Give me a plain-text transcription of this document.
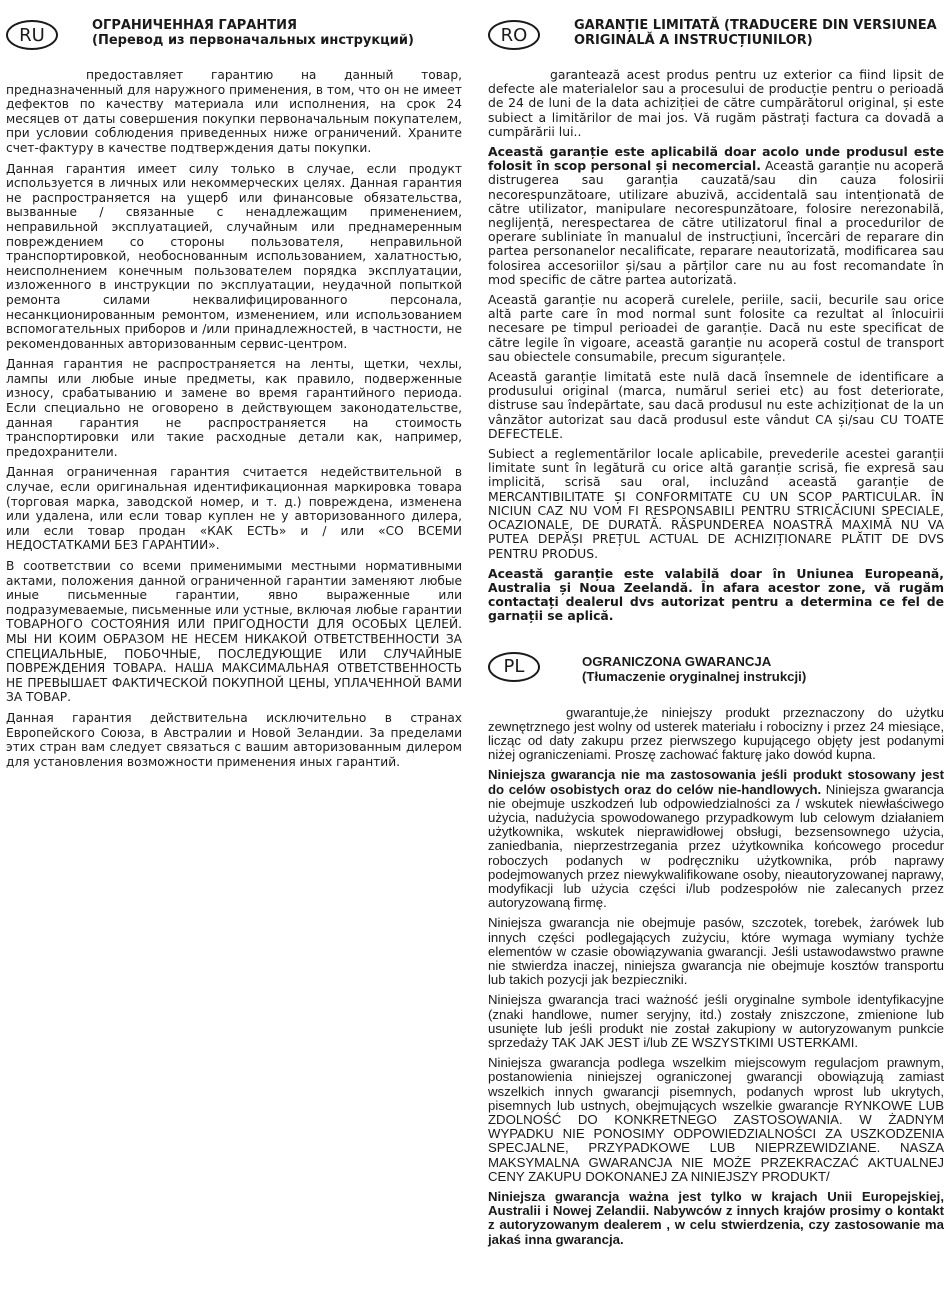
RU	ОГРАНИЧЕННАЯ ГАРАНТИЯ

(Перевод из первоначальных инструкций)

предоставляет гарантию на данный товар, предназначенный для наружного применения, в том, что он не имеет дефектов по качеству материала или исполнения, на срок 24 месяцев от даты совершения покупки первоначальным покупателем, при условии соблюдения приведенных ниже ограничений. Храните счет-фактуру в качестве подтверждения даты покупки.

Данная гарантия имеет силу только в случае, если продукт используется в личных или некоммерческих целях. Данная гарантия не распространяется на ущерб или финансовые обязательства, вызванные / связанные с ненадлежащим применением, неправильной эксплуатацией, случайным или преднамеренным повреждением со стороны пользователя, неправильной транспортировкой, необоснованным использованием, халатностью, неисполнением конечным пользователем порядка эксплуатации, изложенного в инструкции по эксплуатации, неудачной попыткой ремонта силами неквалифицированного персонала, несанкционированным ремонтом, изменением, или использованием вспомогательных приборов и /или принадлежностей, в частности, не рекомендованных авторизованным сервис-центром.

Данная гарантия не распространяется на ленты, щетки, чехлы, лампы или любые иные предметы, как правило, подверженные износу, срабатыванию и замене во время гарантийного периода. Если специально не оговорено в действующем законодательстве, данная гарантия не распространяется на стоимость транспортировки или такие расходные детали как, например, предохранители.

Данная ограниченная гарантия считается недействительной в случае, если оригинальная идентификационная маркировка товара (торговая марка, заводской номер, и т. д.) повреждена, изменена или удалена, или если товар куплен не у авторизованного дилера, или если товар продан «КАК ЕСТЬ» и / или «СО ВСЕМИ НЕДОСТАТКАМИ БЕЗ ГАРАНТИИ».

В соответствии со всеми применимыми местными нормативными актами, положения данной ограниченной гарантии заменяют любые иные письменные гарантии, явно выраженные или подразумеваемые, письменные или устные, включая любые гарантии ТОВАРНОГО СОСТОЯНИЯ ИЛИ ПРИГОДНОСТИ ДЛЯ ОСОБЫХ ЦЕЛЕЙ. МЫ НИ КОИМ ОБРАЗОМ НЕ НЕСЕМ НИКАКОЙ ОТВЕТСТВЕННОСТИ ЗА СПЕЦИАЛЬНЫЕ, ПОБОЧНЫЕ, ПОСЛЕДУЮЩИЕ ИЛИ СЛУЧАЙНЫЕ ПОВРЕЖДЕНИЯ ТОВАРА. НАША МАКСИМАЛЬНАЯ ОТВЕТСТВЕННОСТЬ НЕ ПРЕВЫШАЕТ ФАКТИЧЕСКОЙ ПОКУПНОЙ ЦЕНЫ, УПЛАЧЕННОЙ ВАМИ ЗА ТОВАР.

Данная гарантия действительна исключительно в странах Европейского Союза, в Австралии и Новой Зеландии. За пределами этих стран вам следует связаться с вашим авторизованным дилером для установления возможности применения иных гарантий.

RO	GARANȚIE LIMITATĂ (TRADUCERE DIN VERSIUNEA

ORIGINALĂ A INSTRUCȚIUNILOR)

garantează acest produs pentru uz exterior ca fiind lipsit de defecte ale materialelor sau a procesului de producție pentru o perioadă de 24 de luni de la data achiziției de către cumpărătorul original, și este subiect a limitărilor de mai jos. Vă rugăm păstrați factura ca dovadă a cumpărării lui..

Această garanție este aplicabilă doar acolo unde produsul este folosit în scop personal și necomercial. Această garanție nu acoperă distrugerea sau garanția cauzată/sau din cauza folosirii necorespunzătoare, utilizare abuzivă, accidentală sau intenționată de către utilizator, manipulare necorespunzătoare, folosire nerezonabilă, neglijență, nerespectarea de către utilizatorul final a procedurilor de operare subliniate în manualul de instrucțiuni, încercări de reparare din partea personanelor necalificate, reparare neautorizată, modificarea sau folosirea accesoriilor și/sau a părților care nu au fost recomandate în mod specific de către partea autorizată.

Această garanție nu acoperă curelele, periile, sacii, becurile sau orice altă parte care în mod normal sunt folosite ca rezultat al înlocuirii necesare pe timpul perioadei de garanție. Dacă nu este specificat de către legile în vigoare, această garanție nu acoperă costul de transport sau obiectele consumabile, precum siguranțele.

Această garanție limitată este nulă dacă însemnele de identificare a produsului original (marca, numărul seriei etc) au fost deteriorate, distruse sau îndepărtate, sau dacă produsul nu este achiziționat de la un vânzător autorizat sau dacă produsul este vândut CA și/sau CU TOATE DEFECTELE.

Subiect a reglementărilor locale aplicabile, prevederile acestei garanții limitate sunt în legătură cu orice altă garanție scrisă, fie expresă sau implicită, scrisă sau oral, incluzând această garanție de MERCANTIBILITATE ȘI CONFORMITATE CU UN SCOP PARTICULAR. ÎN NICIUN CAZ NU VOM FI RESPONSABILI PENTRU STRICĂCIUNI SPECIALE, OCAZIONALE, DE DURATĂ. RĂSPUNDEREA NOASTRĂ MAXIMĂ NU VA PUTEA DEPĂȘI PREȚUL ACTUAL DE ACHIZIȚIONARE PLĂTIT DE DVS PENTRU PRODUS.

Această garanție este valabilă doar în Uniunea Europeană, Australia și Noua Zeelandă. În afara acestor zone, vă rugăm contactați dealerul dvs autorizat pentru a determina ce fel de garnații se aplică.

PL	OGRANICZONA GWARANCJA

(Tłumaczenie oryginalnej instrukcji)

gwarantuje,że niniejszy produkt przeznaczony do użytku zewnętrznego jest wolny od usterek materiału i robocizny i przez 24 miesiące, licząc od daty zakupu przez pierwszego kupującego objęty jest podanymi niżej ograniczeniami. Proszę zachować fakturę jako dowód kupna.

Niniejsza gwarancja nie ma zastosowania jeśli produkt stosowany jest do celów osobistych oraz do celów nie-handlowych. Niniejsza gwarancja nie obejmuje uszkodzeń lub odpowiedzialności za / wskutek niewłaściwego użycia, nadużycia spowodowanego przypadkowym lub celowym działaniem użytkownika, wskutek nieprawidłowej obsługi, bezsensownego użycia, zaniedbania, nieprzestrzegania przez użytkownika końcowego procedur roboczych podanych w podręczniku użytkownika, prób naprawy podejmowanych przez niewykwalifikowane osoby, nieautoryzowanej naprawy, modyfikacji lub użycia części i/lub podzespołów nie zalecanych przez autoryzowaną firmę.

Niniejsza gwarancja nie obejmuje pasów, szczotek, torebek, żarówek lub innych części podlegających zużyciu, które wymaga wymiany tychże elementów w czasie obowiązywania gwarancji. Jeśli ustawodawstwo prawne nie stwierdza inaczej, niniejsza gwarancja nie obejmuje kosztów transportu lub takich pozycji jak bezpieczniki.

Niniejsza gwarancja traci ważność jeśli oryginalne symbole identyfikacyjne (znaki handlowe, numer seryjny, itd.) zostały zniszczone, zmienione lub usunięte lub jeśli produkt nie został zakupiony w autoryzowanym punkcie sprzedaży TAK JAK JEST i/lub ZE WSZYSTKIMI USTERKAMI.

Niniejsza gwarancja podlega wszelkim miejscowym regulacjom prawnym, postanowienia niniejszej ograniczonej gwarancji obowiązują zamiast wszelkich innych gwarancji pisemnych, podanych wprost lub ukrytych, pisemnych lub ustnych, obejmujących wszelkie gwarancje RYNKOWE LUB ZDOLNOŚĆ DO KONKRETNEGO ZASTOSOWANIA. W ŻADNYM WYPADKU NIE PONOSIMY ODPOWIEDZIALNOŚCI ZA USZKODZENIA SPECJALNE, PRZYPADKOWE LUB NIEPRZEWIDZIANE. NASZA MAKSYMALNA GWARANCJA NIE MOŻE PRZEKRACZAĆ AKTUALNEJ CENY ZAKUPU DOKONANEJ ZA NINIEJSZY PRODUKT/

Niniejsza gwarancja ważna jest tylko w krajach Unii Europejskiej, Australii i Nowej Zelandii. Nabywców z innych krajów prosimy o kontakt z autoryzowanym dealerem , w celu stwierdzenia, czy zastosowanie ma jakaś inna gwarancja.
